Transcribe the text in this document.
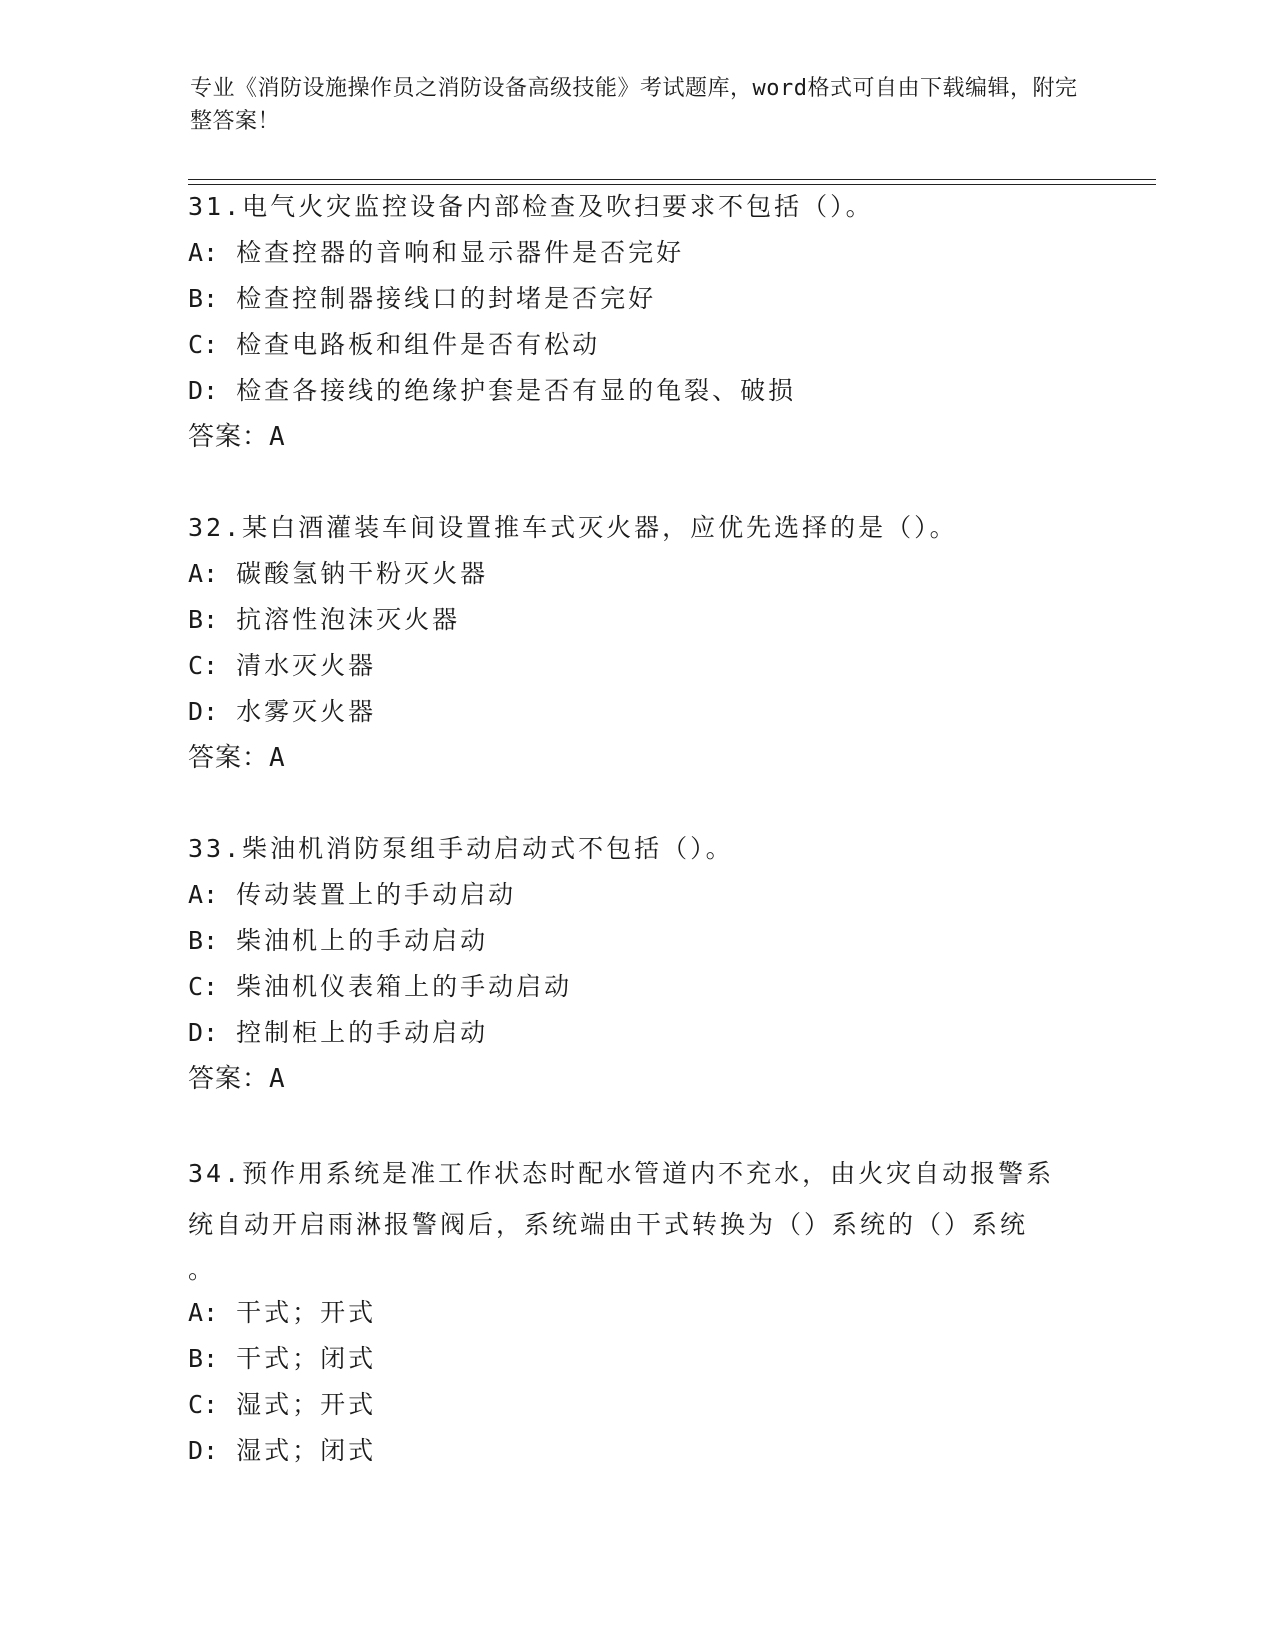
专业《消防设施操作员之消防设备高级技能》考试题库，word格式可自由下载编辑，附完整答案！
31.电气火灾监控设备内部检查及吹扫要求不包括（）。
A: 检查控器的音响和显示器件是否完好
B: 检查控制器接线口的封堵是否完好
C: 检查电路板和组件是否有松动
D: 检查各接线的绝缘护套是否有显的龟裂、破损
答案：A
32.某白酒灌装车间设置推车式灭火器，应优先选择的是（）。
A: 碳酸氢钠干粉灭火器
B: 抗溶性泡沫灭火器
C: 清水灭火器
D: 水雾灭火器
答案：A
33.柴油机消防泵组手动启动式不包括（）。
A: 传动装置上的手动启动
B: 柴油机上的手动启动
C: 柴油机仪表箱上的手动启动
D: 控制柜上的手动启动
答案：A
34.预作用系统是准工作状态时配水管道内不充水，由火灾自动报警系
统自动开启雨淋报警阀后，系统端由干式转换为（）系统的（）系统
。
A: 干式；开式
B: 干式；闭式
C: 湿式；开式
D: 湿式；闭式
